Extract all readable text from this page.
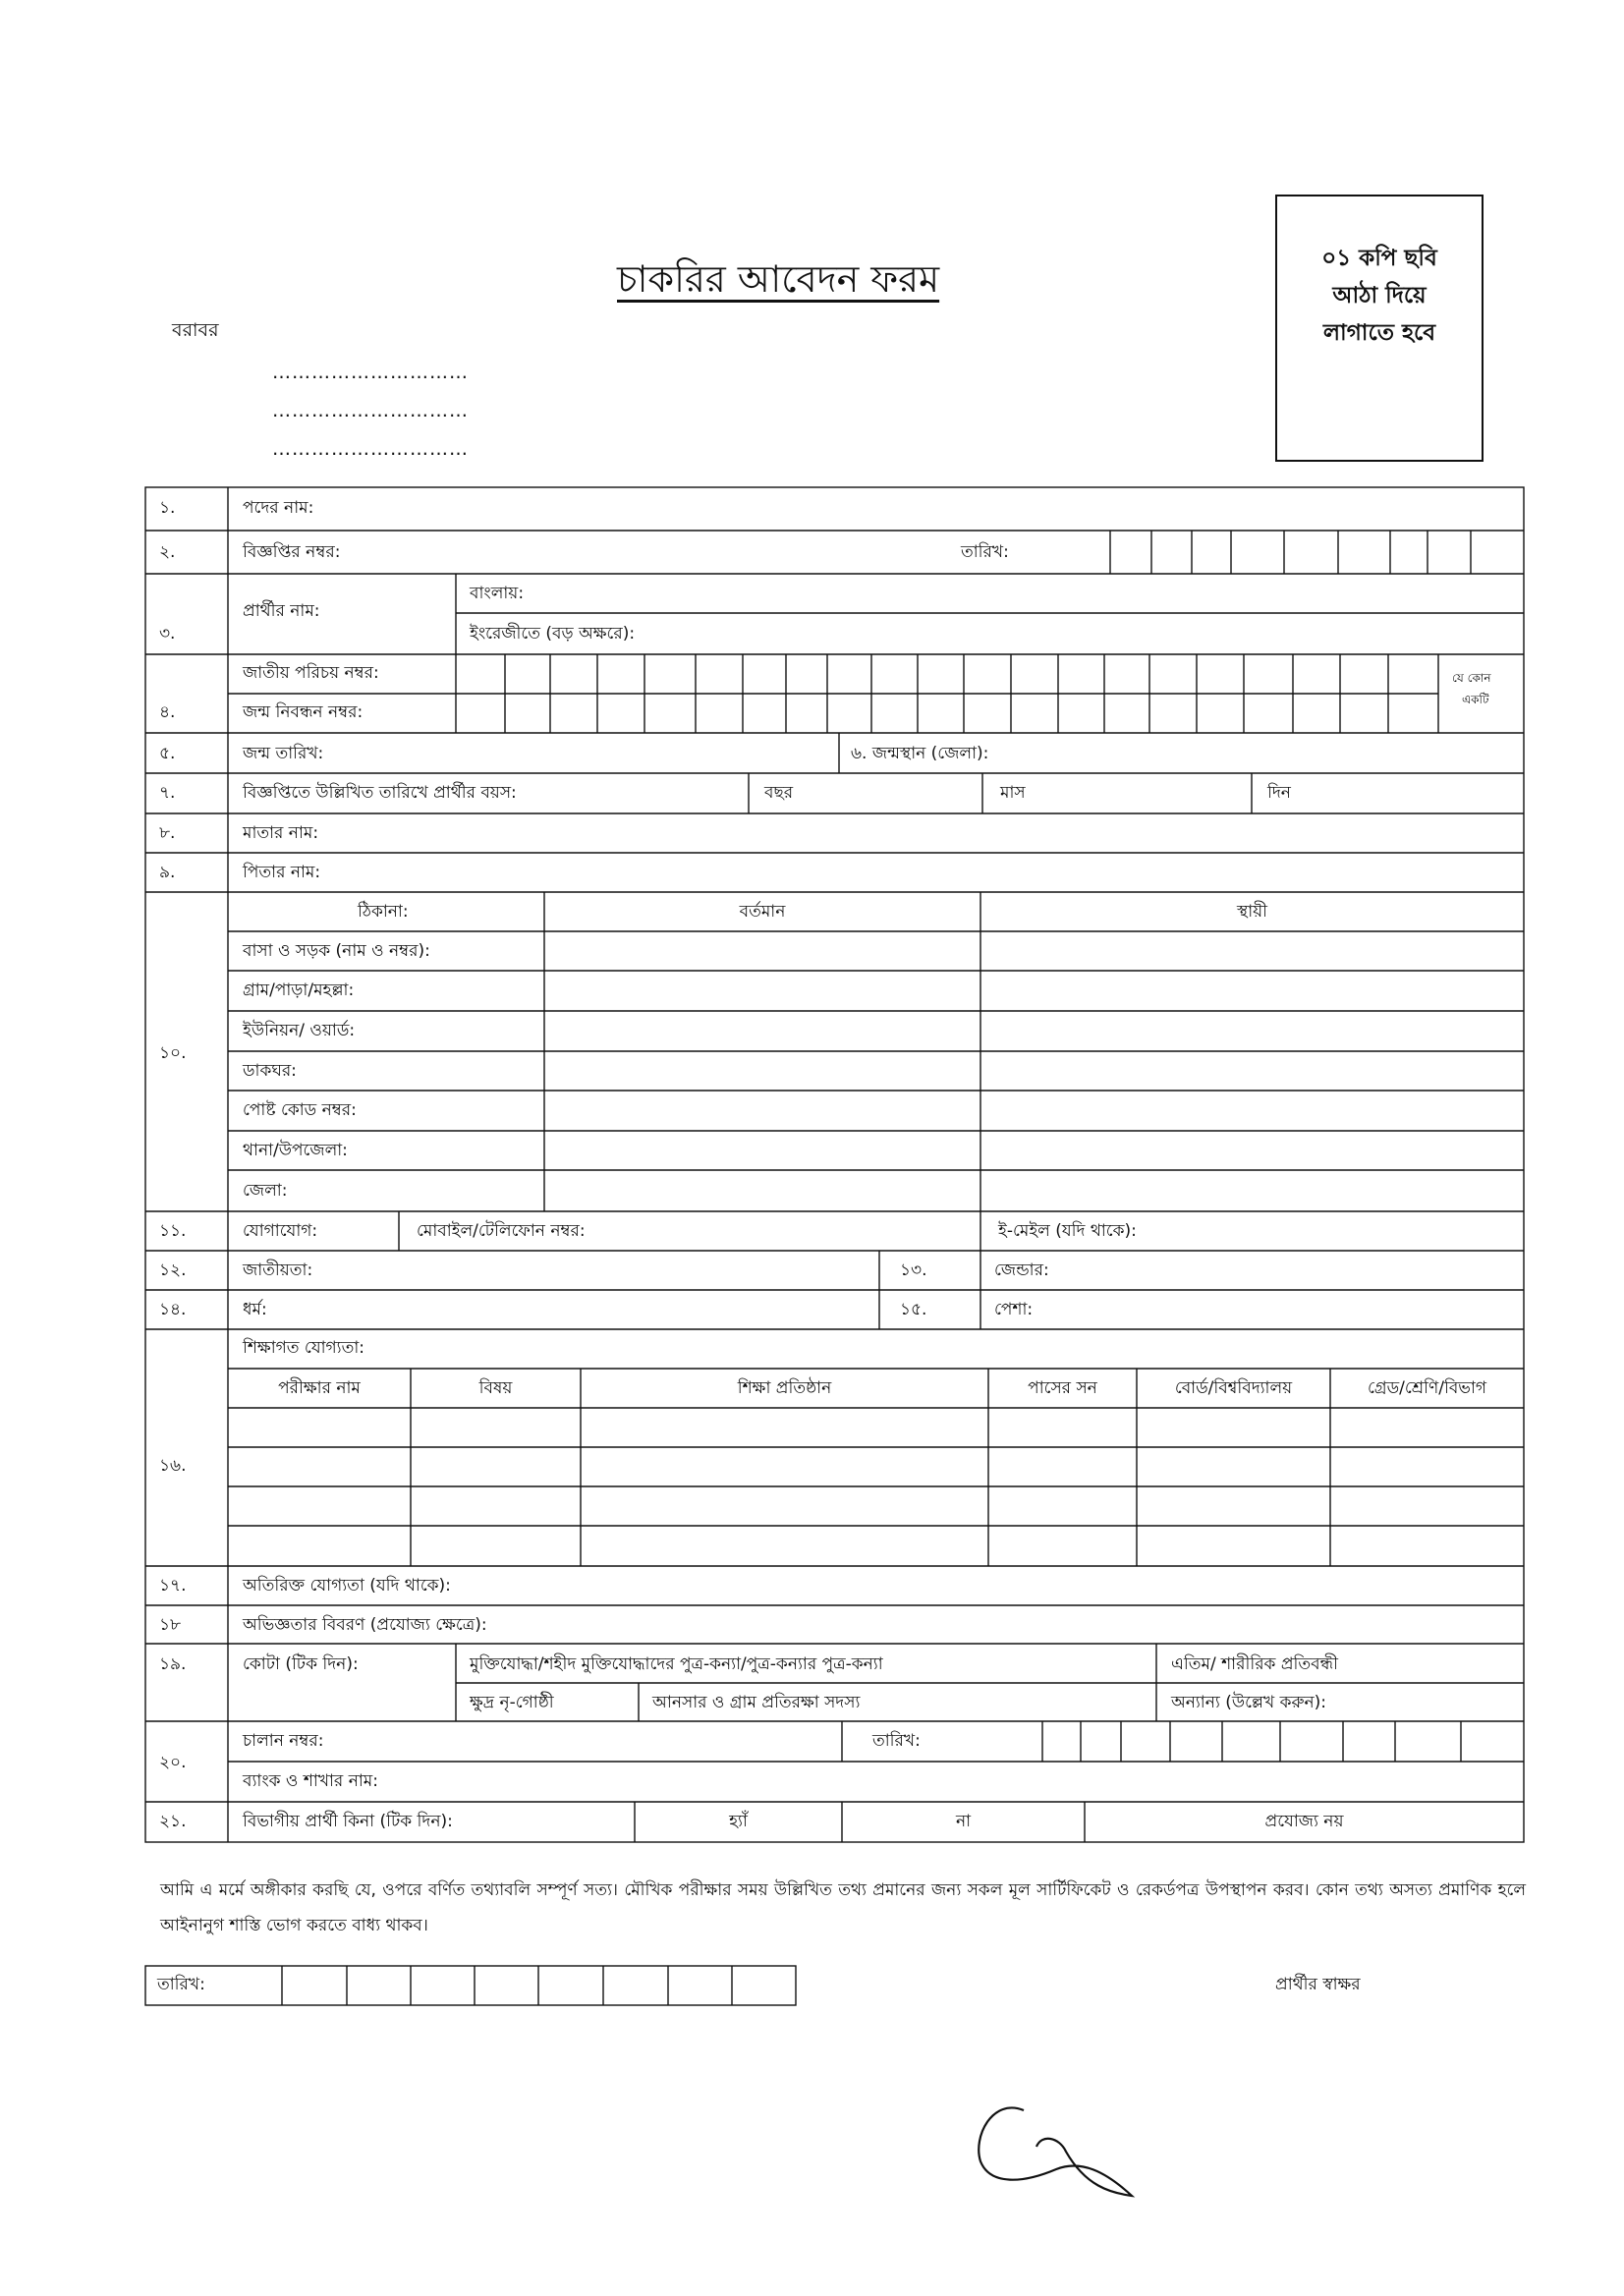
চাকরির আবেদন ফরম
বরাবর
…………………………
…………………………
…………………………
০১ কপি ছবি
আঠা দিয়ে
লাগাতে হবে
১.	পদের নাম:
২.	বিজ্ঞপ্তির নম্বর:	তারিখ:
৩.
প্রার্থীর নাম:
বাংলায়:
ইংরেজীতে (বড় অক্ষরে):
৪.
জাতীয় পরিচয় নম্বর:
জন্ম নিবন্ধন নম্বর:
যে কোন
একটি
৫.	জন্ম তারিখ:	৬. জন্মস্থান (জেলা):
৭.	বিজ্ঞপ্তিতে উল্লিখিত তারিখে প্রার্থীর বয়স:	বছর	মাস	দিন
৮.	মাতার নাম:
৯.	পিতার নাম:
১০.
ঠিকানা:	বর্তমান	স্থায়ী
বাসা ও সড়ক (নাম ও নম্বর):
গ্রাম/পাড়া/মহল্লা:
ইউনিয়ন/ ওয়ার্ড:
ডাকঘর:
পোষ্ট কোড নম্বর:
থানা/উপজেলা:
জেলা:
১১.	যোগাযোগ:	মোবাইল/টেলিফোন নম্বর:	ই-মেইল (যদি থাকে):
১২.	জাতীয়তা:	১৩.	জেন্ডার:
১৪.	ধর্ম:	১৫.	পেশা:
১৬.
শিক্ষাগত যোগ্যতা:
পরীক্ষার নাম	বিষয়	শিক্ষা প্রতিষ্ঠান	পাসের সন	বোর্ড/বিশ্ববিদ্যালয়	গ্রেড/শ্রেণি/বিভাগ
১৭.	অতিরিক্ত যোগ্যতা (যদি থাকে):
১৮	অভিজ্ঞতার বিবরণ (প্রযোজ্য ক্ষেত্রে):
১৯.	কোটা (টিক দিন):	মুক্তিযোদ্ধা/শহীদ মুক্তিযোদ্ধাদের পুত্র-কন্যা/পুত্র-কন্যার পুত্র-কন্যা	এতিম/ শারীরিক প্রতিবন্ধী
ক্ষুদ্র নৃ-গোষ্ঠী	আনসার ও গ্রাম প্রতিরক্ষা সদস্য	অন্যান্য (উল্লেখ করুন):
২০.
চালান নম্বর:	তারিখ:
ব্যাংক ও শাখার নাম:
২১.	বিভাগীয় প্রার্থী কিনা (টিক দিন):	হ্যাঁ	না	প্রযোজ্য নয়
আমি এ মর্মে অঙ্গীকার করছি যে, ওপরে বর্ণিত তথ্যাবলি সম্পূর্ণ সত্য। মৌখিক পরীক্ষার সময় উল্লিখিত তথ্য প্রমানের জন্য সকল মূল সার্টিফিকেট ও রেকর্ডপত্র উপস্থাপন করব। কোন তথ্য অসত্য প্রমাণিক হলে আইনানুগ শাস্তি ভোগ করতে বাধ্য থাকব।
তারিখ:	প্রার্থীর স্বাক্ষর
